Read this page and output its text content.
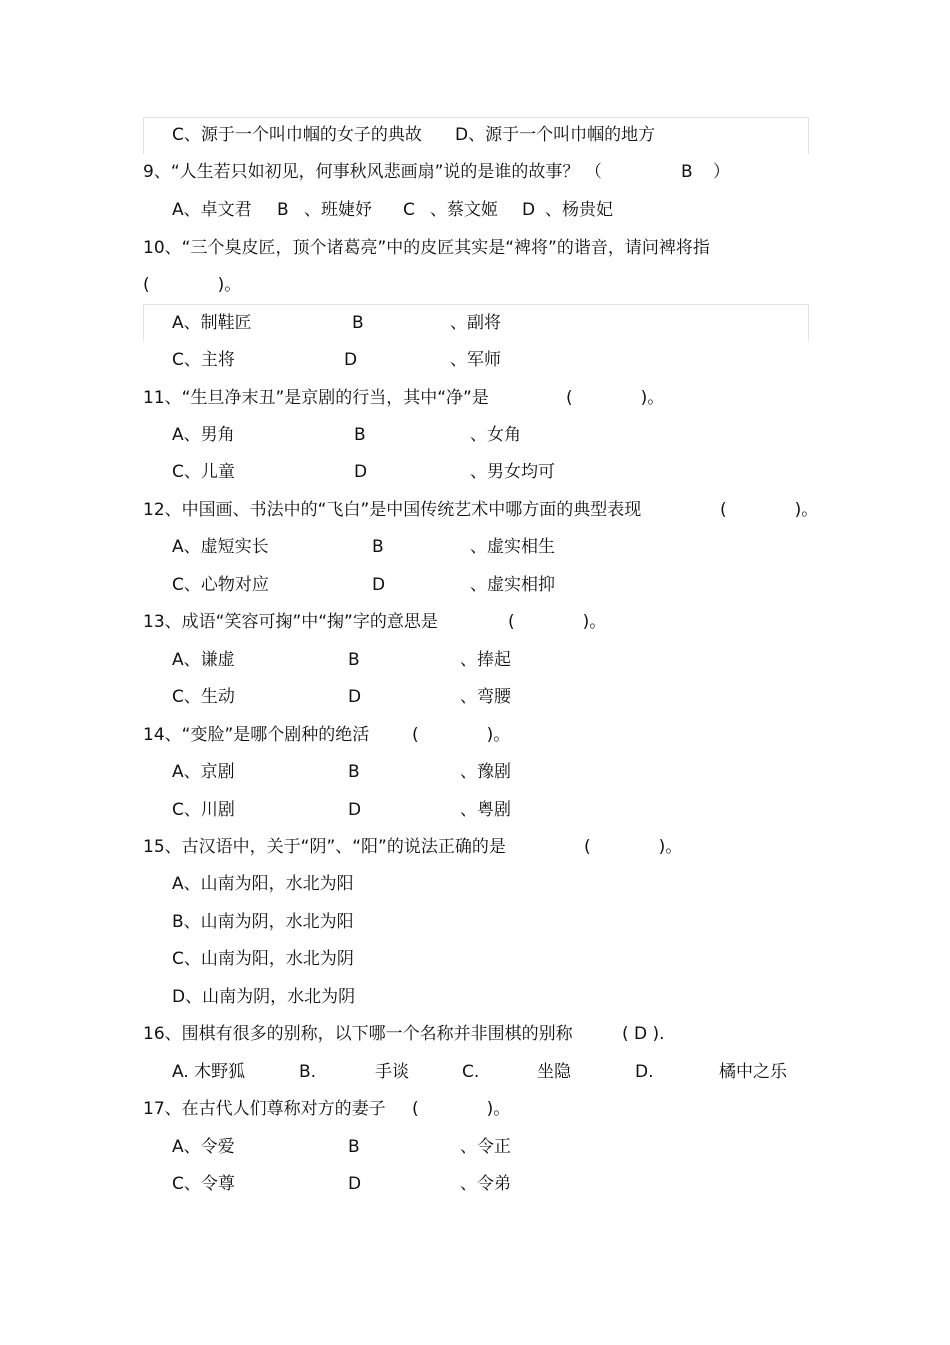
C、源于一个叫巾帼的女子的典故 D、源于一个叫巾帼的地方
9、“人生若只如初见，何事秋风悲画扇”说的是谁的故事？ （	B ）
A、卓文君 B 、班婕妤 C 、蔡文姬 D 、杨贵妃
10、“三个臭皮匠，顶个诸葛亮”中的皮匠其实是“裨将”的谐音，请问裨将指
(　　　　)。
A、制鞋匠	B	、副将
C、主将	D	、军师
11、“生旦净末丑”是京剧的行当，其中“净”是	(　　　　)。
A、男角	B	、女角
C、儿童	D	、男女均可
12、中国画、书法中的“飞白”是中国传统艺术中哪方面的典型表现	(　　　　)。
A、虚短实长	B	、虚实相生
C、心物对应	D	、虚实相抑
13、成语“笑容可掬”中“掬”字的意思是	(　　　　)。
A、谦虚	B	、捧起
C、生动	D	、弯腰
14、“变脸”是哪个剧种的绝活	(　　　　)。
A、京剧	B	、豫剧
C、川剧	D	、粤剧
15、古汉语中，关于“阴”、“阳”的说法正确的是	(　　　　)。
A、山南为阳，水北为阳
B、山南为阴，水北为阳
C、山南为阳，水北为阴
D、山南为阴，水北为阴
16、围棋有很多的别称，以下哪一个名称并非围棋的别称	( D ).
A. 木野狐	B.	手谈	C.	坐隐	D.	橘中之乐
17、在古代人们尊称对方的妻子 (　　　　)。
A、令爱	B	、令正
C、令尊	D	、令弟
